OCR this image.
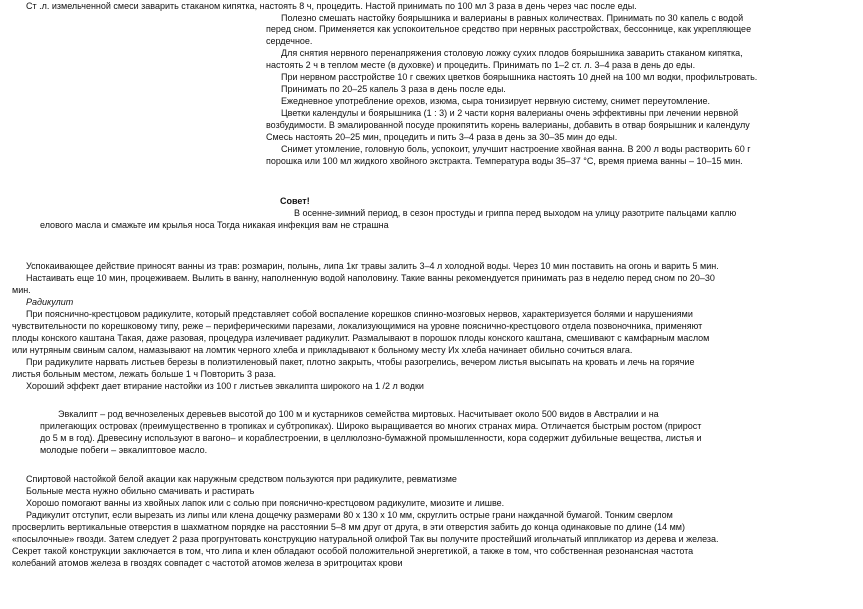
Ст .л. измельченной смеси заварить стаканом кипятка, настоять 8 ч, процедить. Настой принимать по 100 мл 3 раза в день через час после еды.
Полезно смешать настойку боярышника и валерианы в равных количествах. Принимать по 30 капель с водой
перед сном. Применяется как успокоительное средство при нервных расстройствах, бессоннице, как укрепляющее
сердечное.
Для снятия нервного перенапряжения столовую ложку сухих плодов боярышника заварить стаканом кипятка,
настоять 2 ч в теплом месте (в духовке) и процедить. Принимать по 1–2 ст. л. 3–4 раза в день до еды.
При нервном расстройстве 10 г свежих цветков боярышника настоять 10 дней на 100 мл водки, профильтровать.
Принимать по 20–25 капель 3 раза в день после еды.
Ежедневное употребление орехов, изюма, сыра тонизирует нервную систему, снимет переутомление.
Цветки календулы и боярышника (1 : 3) и 2 части корня валерианы очень эффективны при лечении нервной
возбудимости. В эмалированной посуде прокипятить корень валерианы, добавить в отвар боярышник и календулу
Смесь настоять 20–25 мин, процедить и пить 3–4 раза в день за 30–35 мин до еды.
Снимет утомление, головную боль, успокоит, улучшит настроение хвойная ванна. В 200 л воды растворить 60 г
порошка или 100 мл жидкого хвойного экстракта. Температура воды 35–37 °С, время приема ванны – 10–15 мин.
Совет!
В осенне-зимний период, в сезон простуды и гриппа перед выходом на улицу разотрите пальцами каплю
елового масла и смажьте им крылья носа Тогда никакая инфекция вам не страшна
Успокаивающее действие приносят ванны из трав: розмарин, полынь, липа 1кг травы залить 3–4 л холодной воды. Через 10 мин поставить на огонь и варить 5 мин.
Настаивать еще 10 мин, процеживаем. Вылить в ванну, наполненную водой наполовину. Такие ванны рекомендуется принимать раз в неделю перед сном по 20–30
мин.
Радикулит
При пояснично-крестцовом радикулите, который представляет собой воспаление корешков спинно-мозговых нервов, характеризуется болями и нарушениями
чувствительности по корешковому типу, реже – периферическими парезами, локализующимися на уровне пояснично-крестцового отдела позвоночника, применяют
плоды конского каштана Такая, даже разовая, процедура излечивает радикулит. Размалывают в порошок плоды конского каштана, смешивают с камфарным маслом
или нутряным свиным салом, намазывают на ломтик черного хлеба и прикладывают к больному месту Их хлеба начинает обильно сочиться влага.
При радикулите нарвать листьев березы в полиэтиленовый пакет, плотно закрыть, чтобы разогрелись, вечером листья высыпать на кровать и лечь на горячие
листья больным местом, лежать больше 1 ч Повторить 3 раза.
Хороший эффект дает втирание настойки из 100 г листьев эвкалипта широкого на 1 /2 л водки
Эвкалипт – род вечнозеленых деревьев высотой до 100 м и кустарников семейства миртовых. Насчитывает около 500 видов в Австралии и на
прилегающих островах (преимущественно в тропиках и субтропиках). Широко выращивается во многих странах мира. Отличается быстрым ростом (прирост
до 5 м в год). Древесину используют в вагоно– и кораблестроении, в целлюлозно-бумажной промышленности, кора содержит дубильные вещества, листья и
молодые побеги – эвкалиптовое масло.
Спиртовой настойкой белой акации как наружным средством пользуются при радикулите, ревматизме
Больные места нужно обильно смачивать и растирать
Хорошо помогают ванны из хвойных лапок или с солью при пояснично-крестцовом радикулите, миозите и лишве.
Радикулит отступит, если вырезать из липы или клена дощечку размерами 80 х 130 х 10 мм, скруглить острые грани наждачной бумагой. Тонким сверлом
просверлить вертикальные отверстия в шахматном порядке на расстоянии 5–8 мм друг от друга, в эти отверстия забить до конца одинаковые по длине (14 мм)
«посылочные» гвозди. Затем следует 2 раза прогрунтовать конструкцию натуральной олифой Так вы получите простейший игольчатый иппликатор из дерева и железа.
Секрет такой конструкции заключается в том, что липа и клен обладают особой положительной энергетикой, а также в том, что собственная резонансная частота
колебаний атомов железа в гвоздях совпадет с частотой атомов железа в эритроцитах крови
